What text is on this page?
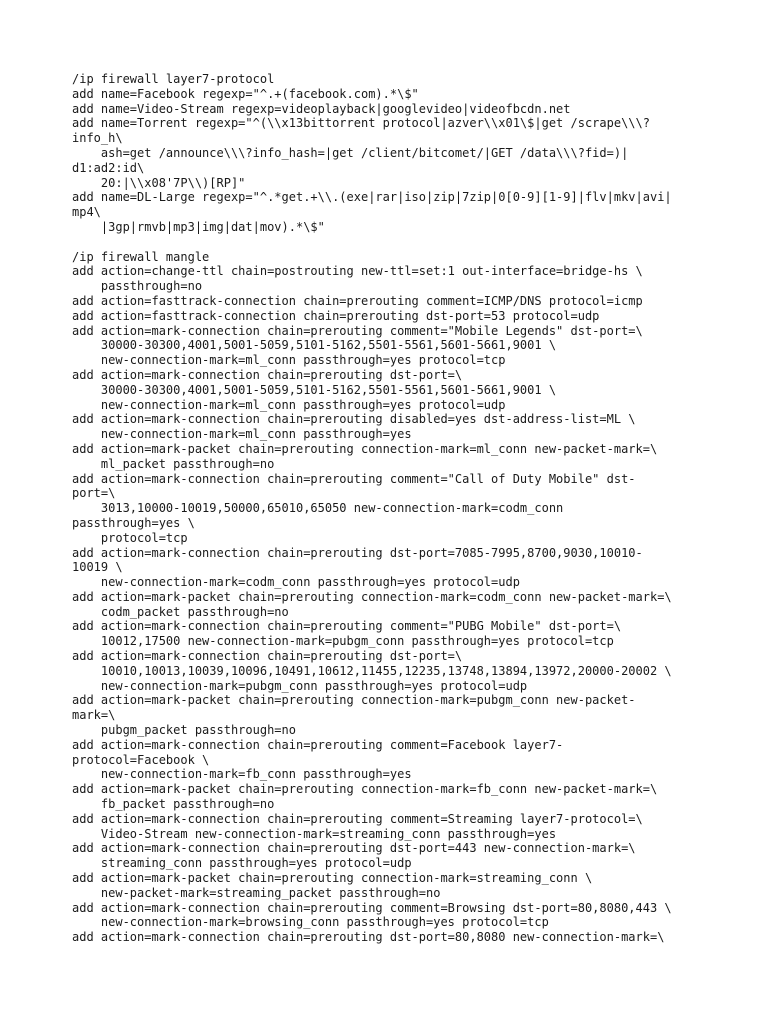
/ip firewall layer7-protocol
add name=Facebook regexp="^.+(facebook.com).*\$"
add name=Video-Stream regexp=videoplayback|googlevideo|videofbcdn.net
add name=Torrent regexp="^(\\x13bittorrent protocol|azver\\x01\$|get /scrape\\\?
info_h\
ash=get /announce\\\?info_hash=|get /client/bitcomet/|GET /data\\\?fid=)|
d1:ad2:id\
20:|\\x08'7P\\)[RP]"
add name=DL-Large regexp="^.*get.+\\.(exe|rar|iso|zip|7zip|0[0-9][1-9]|flv|mkv|avi|
mp4\
|3gp|rmvb|mp3|img|dat|mov).*\$"
/ip firewall mangle
add action=change-ttl chain=postrouting new-ttl=set:1 out-interface=bridge-hs \
passthrough=no
add action=fasttrack-connection chain=prerouting comment=ICMP/DNS protocol=icmp
add action=fasttrack-connection chain=prerouting dst-port=53 protocol=udp
add action=mark-connection chain=prerouting comment="Mobile Legends" dst-port=\
30000-30300,4001,5001-5059,5101-5162,5501-5561,5601-5661,9001 \
new-connection-mark=ml_conn passthrough=yes protocol=tcp
add action=mark-connection chain=prerouting dst-port=\
30000-30300,4001,5001-5059,5101-5162,5501-5561,5601-5661,9001 \
new-connection-mark=ml_conn passthrough=yes protocol=udp
add action=mark-connection chain=prerouting disabled=yes dst-address-list=ML \
new-connection-mark=ml_conn passthrough=yes
add action=mark-packet chain=prerouting connection-mark=ml_conn new-packet-mark=\
ml_packet passthrough=no
add action=mark-connection chain=prerouting comment="Call of Duty Mobile" dst-
port=\
3013,10000-10019,50000,65010,65050 new-connection-mark=codm_conn
passthrough=yes \
protocol=tcp
add action=mark-connection chain=prerouting dst-port=7085-7995,8700,9030,10010-
10019 \
new-connection-mark=codm_conn passthrough=yes protocol=udp
add action=mark-packet chain=prerouting connection-mark=codm_conn new-packet-mark=\
codm_packet passthrough=no
add action=mark-connection chain=prerouting comment="PUBG Mobile" dst-port=\
10012,17500 new-connection-mark=pubgm_conn passthrough=yes protocol=tcp
add action=mark-connection chain=prerouting dst-port=\
10010,10013,10039,10096,10491,10612,11455,12235,13748,13894,13972,20000-20002 \
new-connection-mark=pubgm_conn passthrough=yes protocol=udp
add action=mark-packet chain=prerouting connection-mark=pubgm_conn new-packet-
mark=\
pubgm_packet passthrough=no
add action=mark-connection chain=prerouting comment=Facebook layer7-
protocol=Facebook \
new-connection-mark=fb_conn passthrough=yes
add action=mark-packet chain=prerouting connection-mark=fb_conn new-packet-mark=\
fb_packet passthrough=no
add action=mark-connection chain=prerouting comment=Streaming layer7-protocol=\
Video-Stream new-connection-mark=streaming_conn passthrough=yes
add action=mark-connection chain=prerouting dst-port=443 new-connection-mark=\
streaming_conn passthrough=yes protocol=udp
add action=mark-packet chain=prerouting connection-mark=streaming_conn \
new-packet-mark=streaming_packet passthrough=no
add action=mark-connection chain=prerouting comment=Browsing dst-port=80,8080,443 \
new-connection-mark=browsing_conn passthrough=yes protocol=tcp
add action=mark-connection chain=prerouting dst-port=80,8080 new-connection-mark=\
